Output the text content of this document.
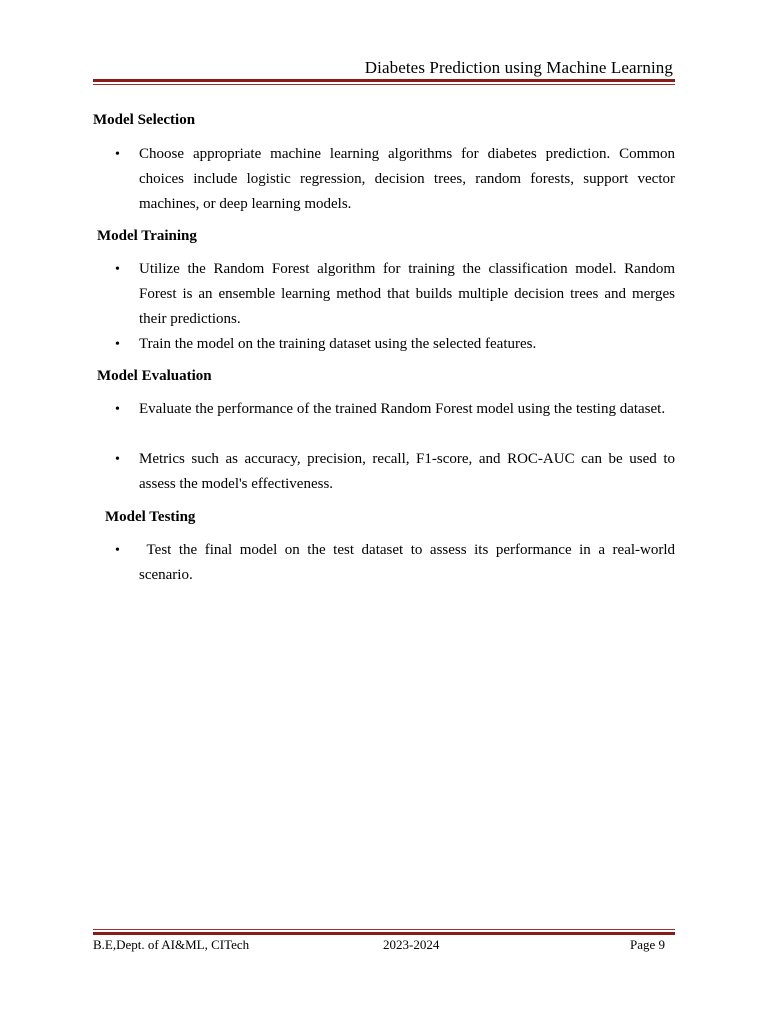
Diabetes Prediction using Machine Learning
Model Selection
•	Choose appropriate machine learning algorithms for diabetes prediction. Common choices include logistic regression, decision trees, random forests, support vector machines, or deep learning models.
Model Training
•	Utilize the Random Forest algorithm for training the classification model. Random Forest is an ensemble learning method that builds multiple decision trees and merges their predictions.
•	Train the model on the training dataset using the selected features.
Model Evaluation
•	Evaluate the performance of the trained Random Forest model using the testing dataset.
•	Metrics such as accuracy, precision, recall, F1-score, and ROC-AUC can be used to assess the model's effectiveness.
Model Testing
•	Test the final model on the test dataset to assess its performance in a real-world scenario.
B.E,Dept. of AI&ML, CITech	2023-2024	Page 9
